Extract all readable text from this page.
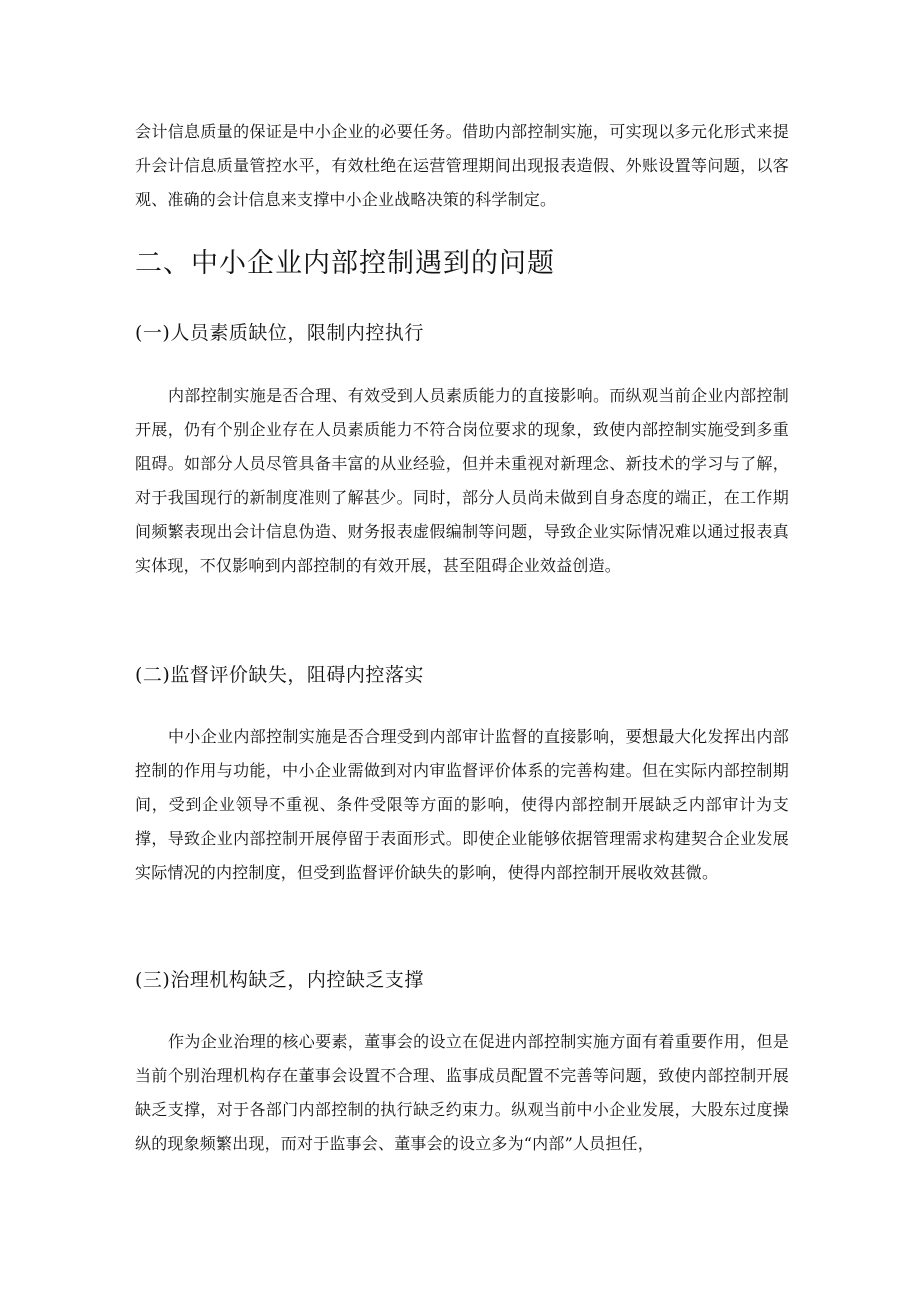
会计信息质量的保证是中小企业的必要任务。借助内部控制实施，可实现以多元化形式来提升会计信息质量管控水平，有效杜绝在运营管理期间出现报表造假、外账设置等问题，以客观、准确的会计信息来支撑中小企业战略决策的科学制定。

二、中小企业内部控制遇到的问题
(一)人员素质缺位，限制内控执行

内部控制实施是否合理、有效受到人员素质能力的直接影响。而纵观当前企业内部控制开展，仍有个别企业存在人员素质能力不符合岗位要求的现象，致使内部控制实施受到多重阻碍。如部分人员尽管具备丰富的从业经验，但并未重视对新理念、新技术的学习与了解，对于我国现行的新制度准则了解甚少。同时，部分人员尚未做到自身态度的端正，在工作期间频繁表现出会计信息伪造、财务报表虚假编制等问题，导致企业实际情况难以通过报表真实体现，不仅影响到内部控制的有效开展，甚至阻碍企业效益创造。

(二)监督评价缺失，阻碍内控落实

中小企业内部控制实施是否合理受到内部审计监督的直接影响，要想最大化发挥出内部控制的作用与功能，中小企业需做到对内审监督评价体系的完善构建。但在实际内部控制期间，受到企业领导不重视、条件受限等方面的影响，使得内部控制开展缺乏内部审计为支撑，导致企业内部控制开展停留于表面形式。即使企业能够依据管理需求构建契合企业发展实际情况的内控制度，但受到监督评价缺失的影响，使得内部控制开展收效甚微。

(三)治理机构缺乏，内控缺乏支撑

作为企业治理的核心要素，董事会的设立在促进内部控制实施方面有着重要作用，但是当前个别治理机构存在董事会设置不合理、监事成员配置不完善等问题，致使内部控制开展缺乏支撑，对于各部门内部控制的执行缺乏约束力。纵观当前中小企业发展，大股东过度操纵的现象频繁出现，而对于监事会、董事会的设立多为“内部”人员担任，
